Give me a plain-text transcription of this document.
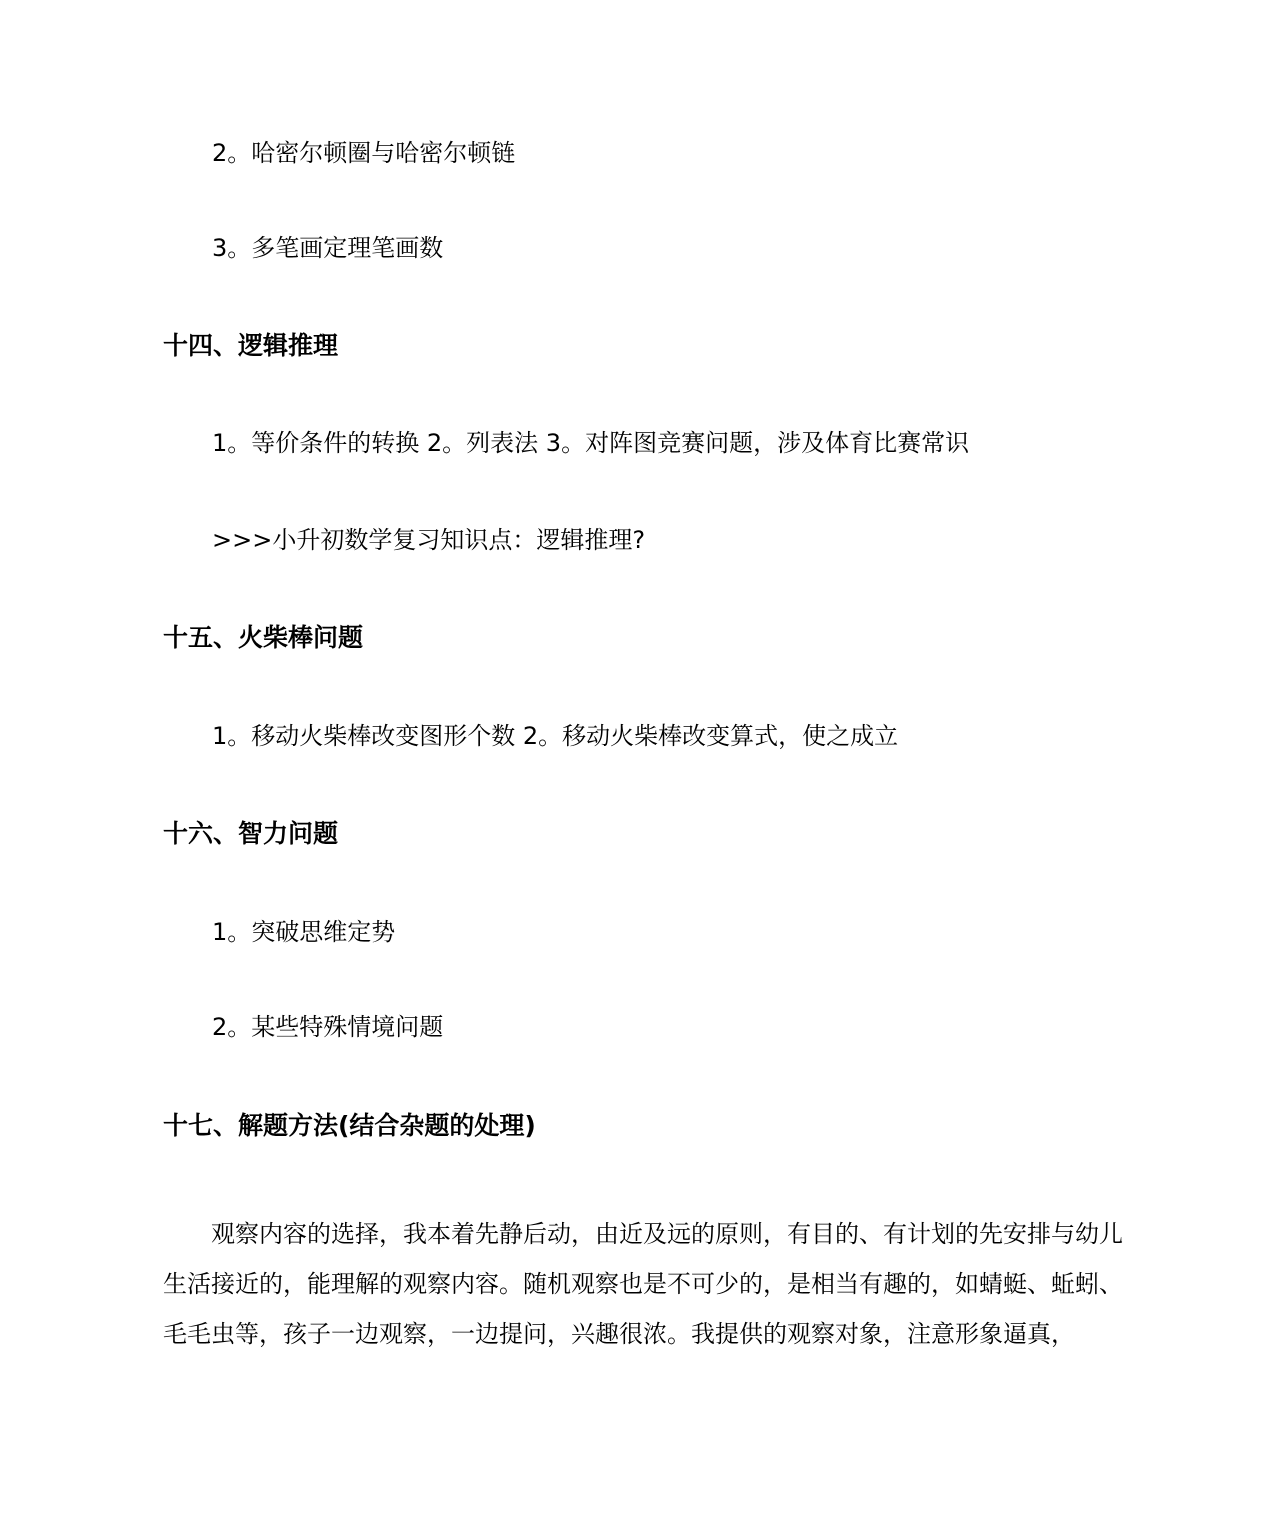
2。哈密尔顿圈与哈密尔顿链

3。多笔画定理笔画数

十四、逻辑推理

1。等价条件的转换 2。列表法 3。对阵图竞赛问题，涉及体育比赛常识

>>>小升初数学复习知识点：逻辑推理?

十五、火柴棒问题

1。移动火柴棒改变图形个数 2。移动火柴棒改变算式，使之成立

十六、智力问题

1。突破思维定势

2。某些特殊情境问题

十七、解题方法(结合杂题的处理)

观察内容的选择，我本着先静后动，由近及远的原则，有目的、有计划的先安排与幼儿生活接近的，能理解的观察内容。随机观察也是不可少的，是相当有趣的，如蜻蜓、蚯蚓、毛毛虫等，孩子一边观察，一边提问，兴趣很浓。我提供的观察对象，注意形象逼真，
